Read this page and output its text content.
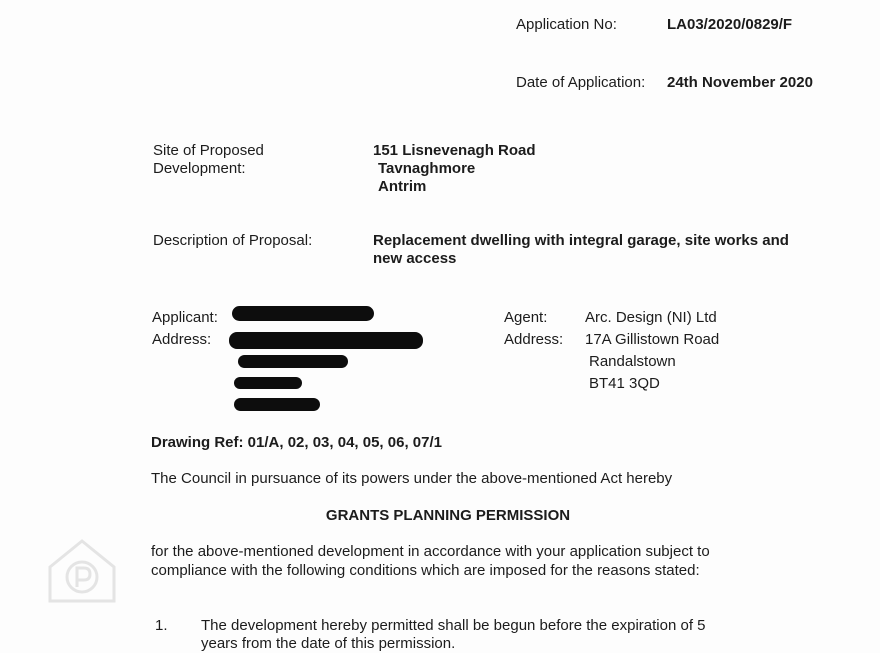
Application No:	LA03/2020/0829/F
Date of Application: 24th November 2020
Site of Proposed
Development:
151 Lisnevenagh Road
Tavnaghmore
Antrim
Description of Proposal:	Replacement dwelling with integral garage, site works and
new access
Applicant:
Address:
Agent:	Arc. Design (NI) Ltd
Address: 17A Gillistown Road
Randalstown
BT41 3QD
Drawing Ref: 01/A, 02, 03, 04, 05, 06, 07/1
The Council in pursuance of its powers under the above-mentioned Act hereby
GRANTS PLANNING PERMISSION
for the above-mentioned development in accordance with your application subject to
compliance with the following conditions which are imposed for the reasons stated:
1. The development hereby permitted shall be begun before the expiration of 5
years from the date of this permission.
